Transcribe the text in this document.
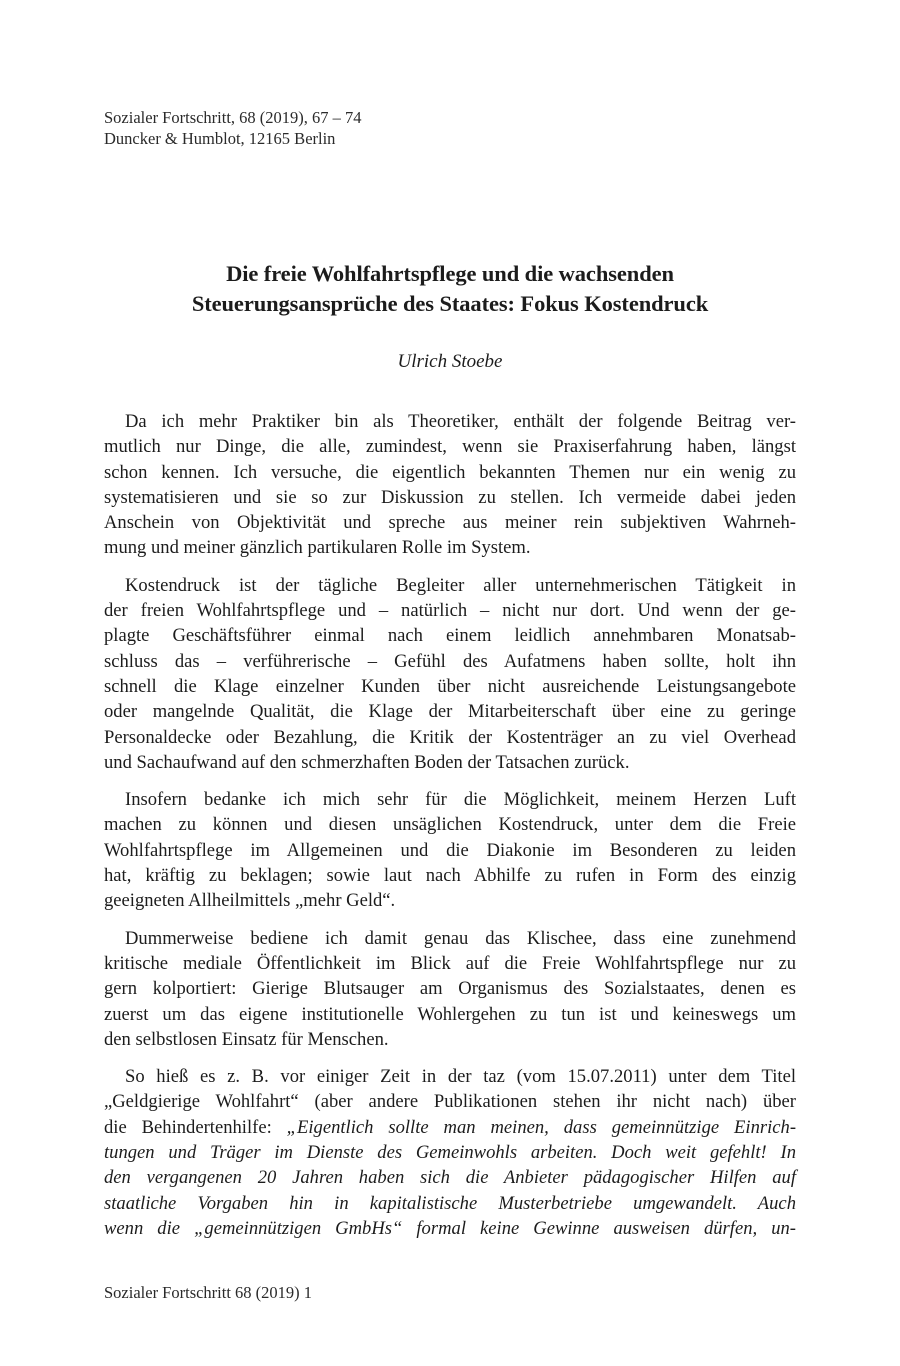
Sozialer Fortschritt, 68 (2019), 67 – 74
Duncker & Humblot, 12165 Berlin
Die freie Wohlfahrtspflege und die wachsenden
Steuerungsansprüche des Staates: Fokus Kostendruck
Ulrich Stoebe
Da ich mehr Praktiker bin als Theoretiker, enthält der folgende Beitrag ver-
mutlich nur Dinge, die alle, zumindest, wenn sie Praxiserfahrung haben, längst
schon kennen. Ich versuche, die eigentlich bekannten Themen nur ein wenig zu
systematisieren und sie so zur Diskussion zu stellen. Ich vermeide dabei jeden
Anschein von Objektivität und spreche aus meiner rein subjektiven Wahrneh-
mung und meiner gänzlich partikularen Rolle im System.
Kostendruck ist der tägliche Begleiter aller unternehmerischen Tätigkeit in
der freien Wohlfahrtspflege und – natürlich – nicht nur dort. Und wenn der ge-
plagte Geschäftsführer einmal nach einem leidlich annehmbaren Monatsab-
schluss das – verführerische – Gefühl des Aufatmens haben sollte, holt ihn
schnell die Klage einzelner Kunden über nicht ausreichende Leistungsangebote
oder mangelnde Qualität, die Klage der Mitarbeiterschaft über eine zu geringe
Personaldecke oder Bezahlung, die Kritik der Kostenträger an zu viel Overhead
und Sachaufwand auf den schmerzhaften Boden der Tatsachen zurück.
Insofern bedanke ich mich sehr für die Möglichkeit, meinem Herzen Luft
machen zu können und diesen unsäglichen Kostendruck, unter dem die Freie
Wohlfahrtspflege im Allgemeinen und die Diakonie im Besonderen zu leiden
hat, kräftig zu beklagen; sowie laut nach Abhilfe zu rufen in Form des einzig
geeigneten Allheilmittels „mehr Geld“.
Dummerweise bediene ich damit genau das Klischee, dass eine zunehmend
kritische mediale Öffentlichkeit im Blick auf die Freie Wohlfahrtspflege nur zu
gern kolportiert: Gierige Blutsauger am Organismus des Sozialstaates, denen es
zuerst um das eigene institutionelle Wohlergehen zu tun ist und keineswegs um
den selbstlosen Einsatz für Menschen.
So hieß es z. B. vor einiger Zeit in der taz (vom 15.07.2011) unter dem Titel
„Geldgierige Wohlfahrt“ (aber andere Publikationen stehen ihr nicht nach) über
die Behindertenhilfe: „Eigentlich sollte man meinen, dass gemeinnützige Einrich-
tungen und Träger im Dienste des Gemeinwohls arbeiten. Doch weit gefehlt! In
den vergangenen 20 Jahren haben sich die Anbieter pädagogischer Hilfen auf
staatliche Vorgaben hin in kapitalistische Musterbetriebe umgewandelt. Auch
wenn die „gemeinnützigen GmbHs“ formal keine Gewinne ausweisen dürfen, un-
Sozialer Fortschritt 68 (2019) 1
